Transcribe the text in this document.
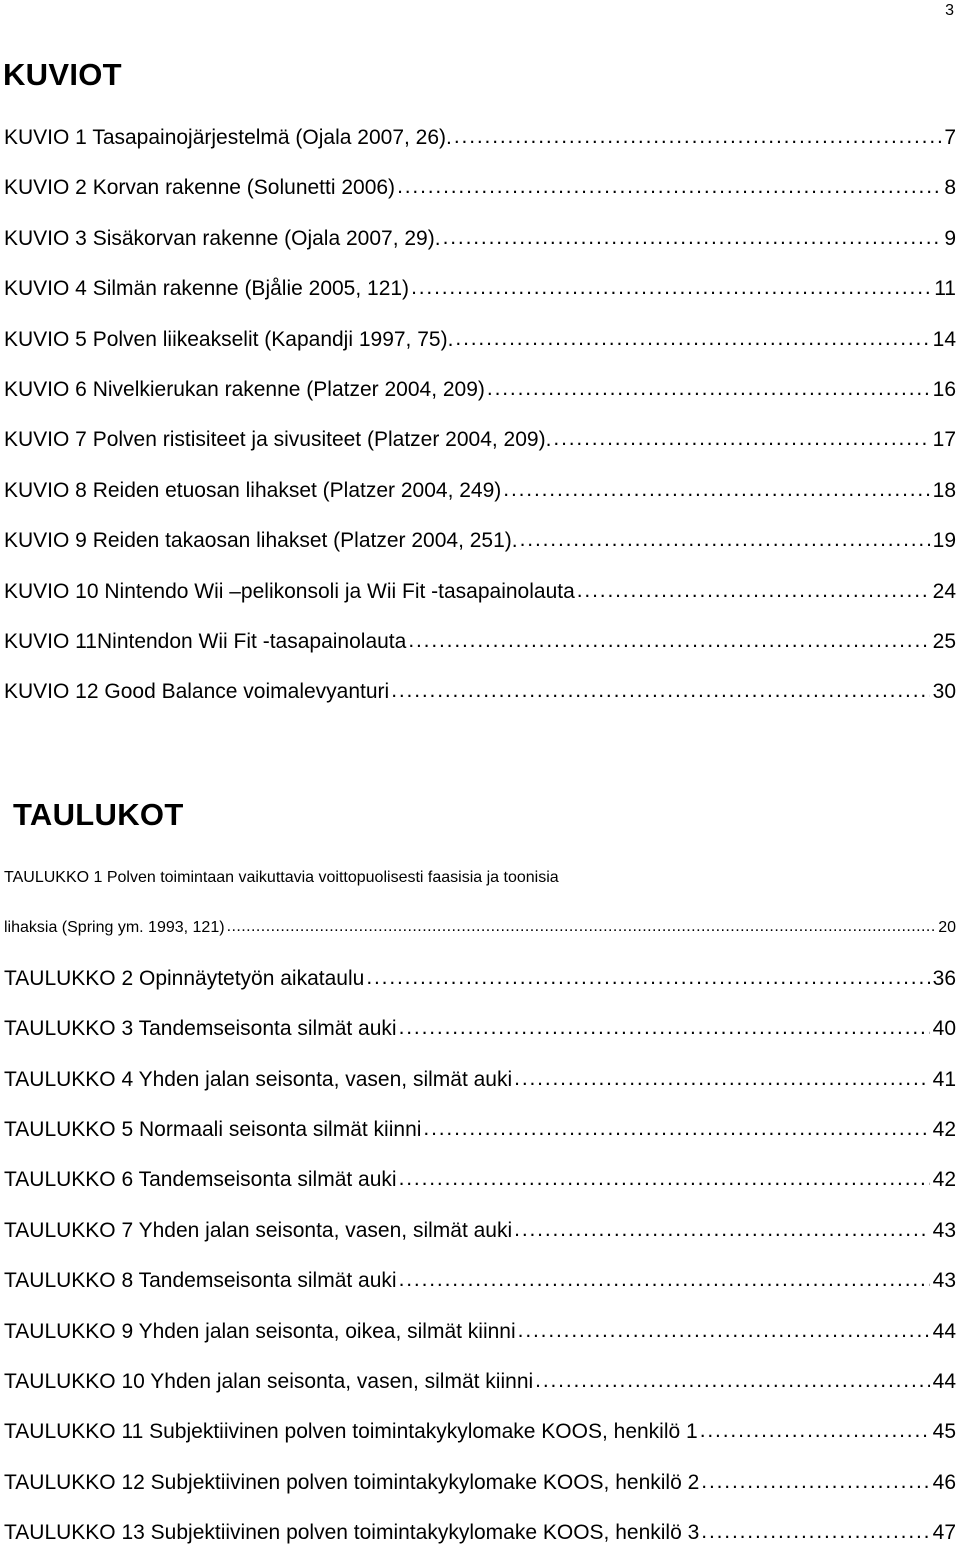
3
KUVIOT
KUVIO 1 Tasapainojärjestelmä (Ojala 2007, 26). . . .	7
KUVIO 2 Korvan rakenne (Solunetti 2006) . . .	8
KUVIO 3 Sisäkorvan rakenne (Ojala 2007, 29). . . .	9
KUVIO 4 Silmän rakenne (Bjålie 2005, 121) . . .	11
KUVIO 5 Polven liikeakselit (Kapandji 1997, 75). . . .	14
KUVIO 6 Nivelkierukan rakenne (Platzer 2004, 209) . . .	16
KUVIO 7 Polven ristisiteet ja sivusiteet (Platzer 2004, 209). . . .	17
KUVIO 8 Reiden etuosan lihakset (Platzer 2004, 249) . . .	18
KUVIO 9 Reiden takaosan lihakset (Platzer 2004, 251). . . .	19
KUVIO 10 Nintendo Wii –pelikonsoli ja Wii Fit -tasapainolauta . . .	24
KUVIO 11Nintendon Wii Fit -tasapainolauta . . .	25
KUVIO 12 Good Balance voimalevyanturi . . .	30
TAULUKOT
TAULUKKO 1 Polven toimintaan vaikuttavia voittopuolisesti faasisia ja toonisia
lihaksia (Spring ym. 1993, 121) . . .	20
TAULUKKO 2 Opinnäytetyön aikataulu . . .	36
TAULUKKO 3 Tandemseisonta silmät auki . . .	40
TAULUKKO 4 Yhden jalan seisonta, vasen, silmät auki . . .	41
TAULUKKO 5 Normaali seisonta silmät kiinni . . .	42
TAULUKKO 6 Tandemseisonta silmät auki . . .	42
TAULUKKO 7 Yhden jalan seisonta, vasen, silmät auki . . .	43
TAULUKKO 8 Tandemseisonta silmät auki . . .	43
TAULUKKO 9 Yhden jalan seisonta, oikea, silmät kiinni . . .	44
TAULUKKO 10 Yhden jalan seisonta, vasen, silmät kiinni . . .	44
TAULUKKO 11 Subjektiivinen polven toimintakykylomake KOOS, henkilö 1 . . .	45
TAULUKKO 12 Subjektiivinen polven toimintakykylomake KOOS, henkilö 2 . . .	46
TAULUKKO 13 Subjektiivinen polven toimintakykylomake KOOS, henkilö 3 . . .	47
